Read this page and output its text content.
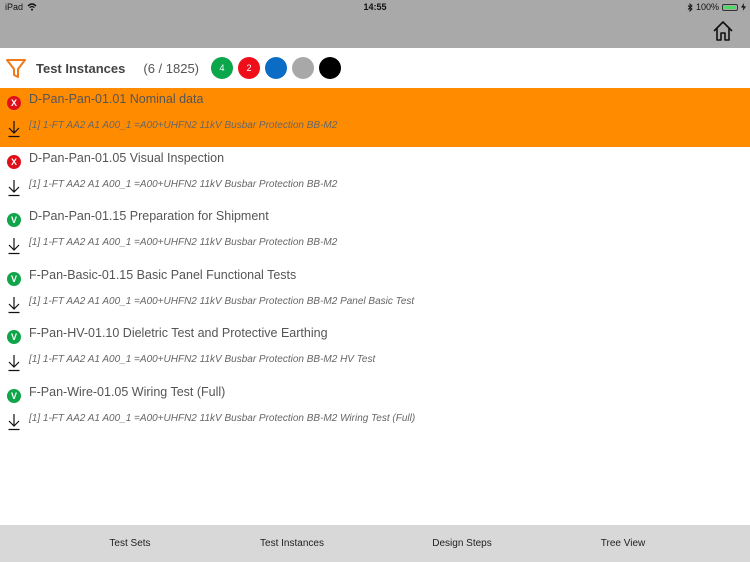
iPad	14:55	100%
Test Instances (6 / 1825)	4	2
X D-Pan-Pan-01.01 Nominal data
[1] 1-FT AA2 A1 A00_1 =A00+UHFN2 11kV Busbar Protection BB-M2
X D-Pan-Pan-01.05 Visual Inspection
[1] 1-FT AA2 A1 A00_1 =A00+UHFN2 11kV Busbar Protection BB-M2
V D-Pan-Pan-01.15 Preparation for Shipment
[1] 1-FT AA2 A1 A00_1 =A00+UHFN2 11kV Busbar Protection BB-M2
V F-Pan-Basic-01.15 Basic Panel Functional Tests
[1] 1-FT AA2 A1 A00_1 =A00+UHFN2 11kV Busbar Protection BB-M2 Panel Basic Test
V F-Pan-HV-01.10 Dieletric Test and Protective Earthing
[1] 1-FT AA2 A1 A00_1 =A00+UHFN2 11kV Busbar Protection BB-M2 HV Test
V F-Pan-Wire-01.05 Wiring Test (Full)
[1] 1-FT AA2 A1 A00_1 =A00+UHFN2 11kV Busbar Protection BB-M2 Wiring Test (Full)
Test Sets	Test Instances	Design Steps	Tree View
